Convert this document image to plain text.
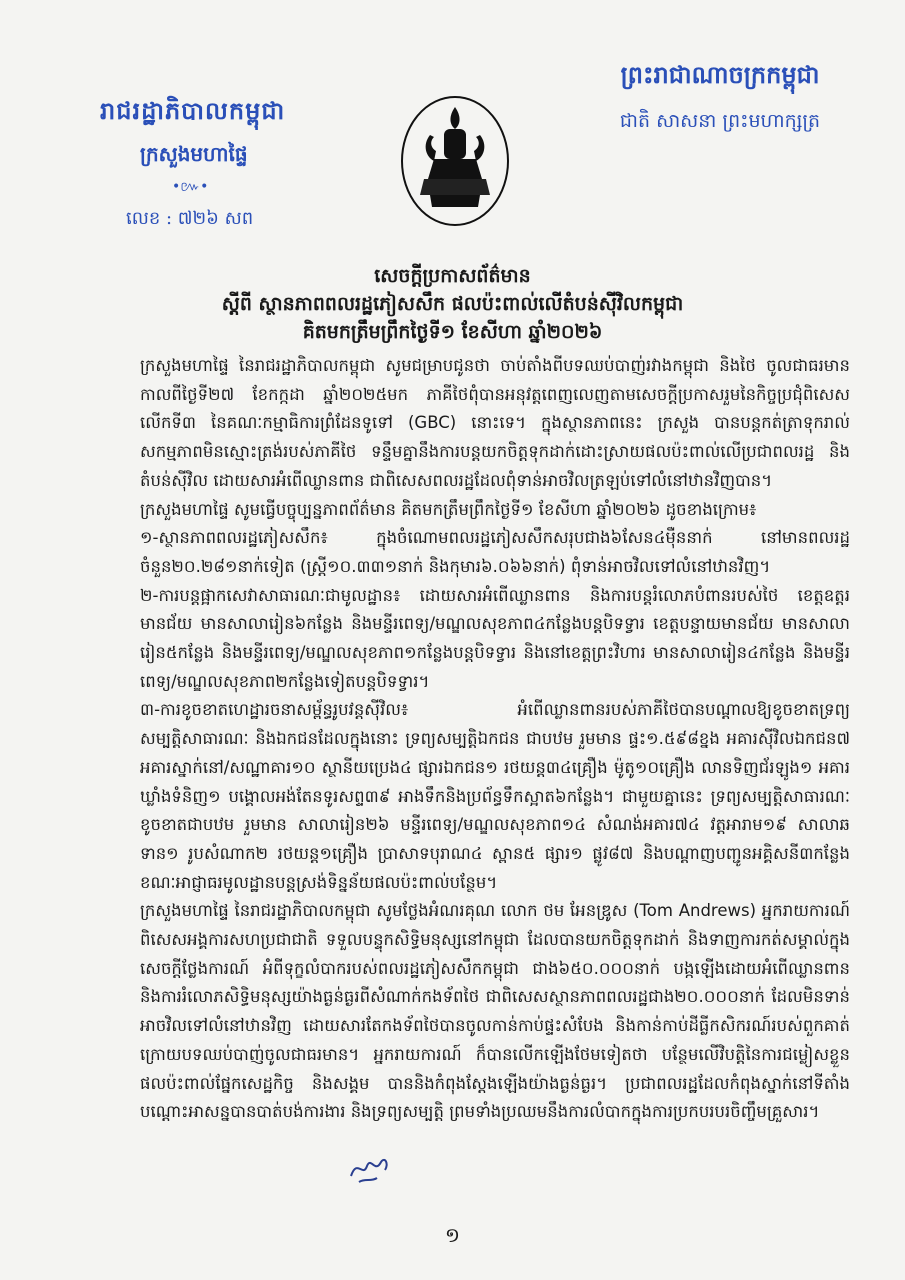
រាជរដ្ឋាភិបាលកម្ពុជា
ក្រសួងមហាផ្ទៃ
•៚•
លេខ : ៧២៦ សព
ព្រះរាជាណាចក្រកម្ពុជា
ជាតិ សាសនា ព្រះមហាក្សត្រ
សេចក្តីប្រកាសព័ត៌មាន
ស្តីពី ស្ថានភាពពលរដ្ឋភៀសសឹក ផលប៉ះពាល់លើតំបន់ស៊ីវិលកម្ពុជា
គិតមកត្រឹមព្រឹកថ្ងៃទី១ ខែសីហា ឆ្នាំ២០២៦

ក្រសួងមហាផ្ទៃ នៃរាជរដ្ឋាភិបាលកម្ពុជា សូមជម្រាបជូនថា ចាប់តាំងពីបទឈប់បាញ់រវាងកម្ពុជា និងថៃ ចូលជាធរមាន កាលពីថ្ងៃទី២៧ ខែកក្កដា ឆ្នាំ២០២៥មក ភាគីថៃពុំបានអនុវត្តពេញលេញតាមសេចក្តីប្រកាសរួមនៃកិច្ចប្រជុំពិសេសលើកទី៣ នៃគណៈកម្មាធិការព្រំដែនទូទៅ (GBC) នោះទេ។ ក្នុងស្ថានភាពនេះ ក្រសួង បានបន្តកត់ត្រាទុករាល់សកម្មភាពមិនស្មោះត្រង់របស់ភាគីថៃ ទន្ទឹមគ្នានឹងការបន្តយកចិត្តទុកដាក់ដោះស្រាយផលប៉ះពាល់លើប្រជាពលរដ្ឋ និងតំបន់ស៊ីវិល ដោយសារអំពើឈ្លានពាន ជាពិសេសពលរដ្ឋដែលពុំទាន់អាចវិលត្រឡប់ទៅលំនៅឋានវិញបាន។

ក្រសួងមហាផ្ទៃ សូមធ្វើបច្ចុប្បន្នភាពព័ត៌មាន គិតមកត្រឹមព្រឹកថ្ងៃទី១ ខែសីហា ឆ្នាំ២០២៦ ដូចខាងក្រោម៖

១-ស្ថានភាពពលរដ្ឋភៀសសឹក៖ ក្នុងចំណោមពលរដ្ឋភៀសសឹកសរុបជាង៦សែន៤ម៉ឺននាក់ នៅមានពលរដ្ឋចំនួន២០.២៨១នាក់ទៀត (ស្ត្រី១០.៣៣១នាក់ និងកុមារ៦.០៦៦នាក់) ពុំទាន់អាចវិលទៅលំនៅឋានវិញ។

២-ការបន្តផ្អាកសេវាសាធារណៈជាមូលដ្ឋាន៖ ដោយសារអំពើឈ្លានពាន និងការបន្តរំលោភបំពានរបស់ថៃ ខេត្តឧត្តរមានជ័យ មានសាលារៀន៦កន្លែង និងមន្ទីរពេទ្យ/មណ្ឌលសុខភាព៤កន្លែងបន្តបិទទ្វារ ខេត្តបន្ទាយមានជ័យ មានសាលារៀន៥កន្លែង និងមន្ទីរពេទ្យ/មណ្ឌលសុខភាព១កន្លែងបន្តបិទទ្វារ និងនៅខេត្តព្រះវិហារ មានសាលារៀន៤កន្លែង និងមន្ទីរពេទ្យ/មណ្ឌលសុខភាព២កន្លែងទៀតបន្តបិទទ្វារ។

៣-ការខូចខាតហេដ្ឋារចនាសម្ព័ន្ធរូបវន្តស៊ីវិល៖ អំពើឈ្លានពានរបស់ភាគីថៃបានបណ្តាលឱ្យខូចខាតទ្រព្យសម្បត្តិសាធារណៈ និងឯកជនដែលក្នុងនោះ ទ្រព្យសម្បត្តិឯកជន ជាបឋម រួមមាន ផ្ទះ១.៥៩៨ខ្នង អគារស៊ីវិលឯកជន៧ អគារស្នាក់នៅ/សណ្ឋាគារ១០ ស្ថានីយប្រេង៤ ផ្សារឯកជន១ រថយន្ត៣៤គ្រឿង ម៉ូតូ១០គ្រឿង លានទិញជ័រឡូង១ អគារឃ្លាំងទំនិញ១ បង្គោលអង់តែនទូរសព្ទ៣៩ អាងទឹកនិងប្រព័ន្ធទឹកស្អាត៦កន្លែង។ ជាមួយគ្នានេះ ទ្រព្យសម្បត្តិសាធារណៈ ខូចខាតជាបឋម រួមមាន សាលារៀន២៦ មន្ទីរពេទ្យ/មណ្ឌលសុខភាព១៤ សំណង់អគារ៧៤ វត្តអារាម១៩ សាលាឆទាន១ រូបសំណាក២ រថយន្ត១គ្រឿង ប្រាសាទបុរាណ៤ ស្ពាន៥ ផ្សារ១ ផ្លូវ៨៧ និងបណ្តាញបញ្ជូនអគ្គិសនី៣កន្លែង ខណៈអាជ្ញាធរមូលដ្ឋានបន្តស្រង់ទិន្នន័យផលប៉ះពាល់បន្ថែម។

ក្រសួងមហាផ្ទៃ នៃរាជរដ្ឋាភិបាលកម្ពុជា សូមថ្លែងអំណរគុណ លោក ថម អែនឌ្រូស (Tom Andrews) អ្នករាយការណ៍ពិសេសអង្គការសហប្រជាជាតិ ទទួលបន្ទុកសិទ្ធិមនុស្សនៅកម្ពុជា ដែលបានយកចិត្តទុកដាក់ និងទាញការកត់សម្គាល់ក្នុង សេចក្តីថ្លែងការណ៍ អំពីទុក្ខលំបាករបស់ពលរដ្ឋភៀសសឹកកម្ពុជា ជាង៦៥០.០០០នាក់ បង្កឡើងដោយអំពើឈ្លានពាន និងការរំលោភសិទ្ធិមនុស្សយ៉ាងធ្ងន់ធ្ងរពីសំណាក់កងទ័ពថៃ ជាពិសេសស្ថានភាពពលរដ្ឋជាង២០.០០០នាក់ ដែលមិនទាន់អាចវិលទៅលំនៅឋានវិញ ដោយសារតែកងទ័ពថៃបានចូលកាន់កាប់ផ្ទះសំបែង និងកាន់កាប់ដីធ្លីកសិករណ៍របស់ពួកគាត់ ក្រោយបទឈប់បាញ់ចូលជាធរមាន។ អ្នករាយការណ៍ ក៏បានលើកឡើងថែមទៀតថា បន្ថែមលើវិបត្តិនៃការជម្លៀសខ្លួន ផលប៉ះពាល់ផ្នែកសេដ្ឋកិច្ច និងសង្គម បាននិងកំពុងស្តែងឡើងយ៉ាងធ្ងន់ធ្ងរ។ ប្រជាពលរដ្ឋដែលកំពុងស្នាក់នៅទីតាំងបណ្តោះអាសន្នបានបាត់បង់ការងារ និងទ្រព្យសម្បត្តិ ព្រមទាំងប្រឈមនឹងការលំបាកក្នុងការប្រកបរបរចិញ្ចឹមគ្រួសារ។

១
